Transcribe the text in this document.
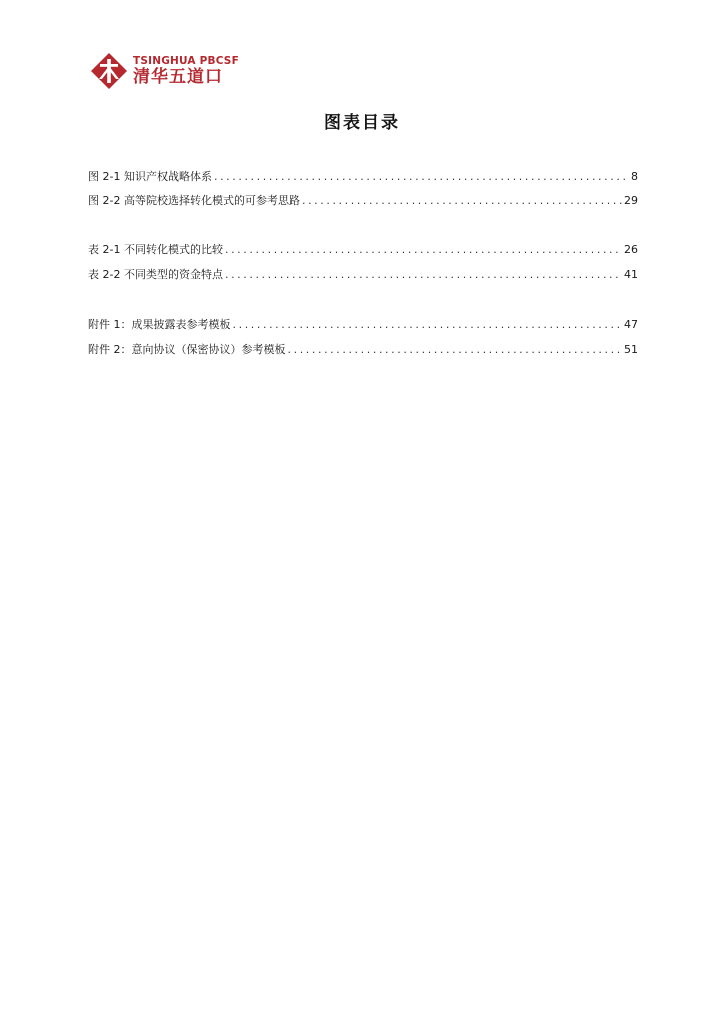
TSINGHUA PBCSF
清华五道口
图表目录
图 2-1 知识产权战略体系 .....	8
图 2-2 高等院校选择转化模式的可参考思路 .....	29
表 2-1 不同转化模式的比较 .....	26
表 2-2 不同类型的资金特点 .....	41
附件 1：成果披露表参考模板 .....	47
附件 2：意向协议（保密协议）参考模板 .....	51
